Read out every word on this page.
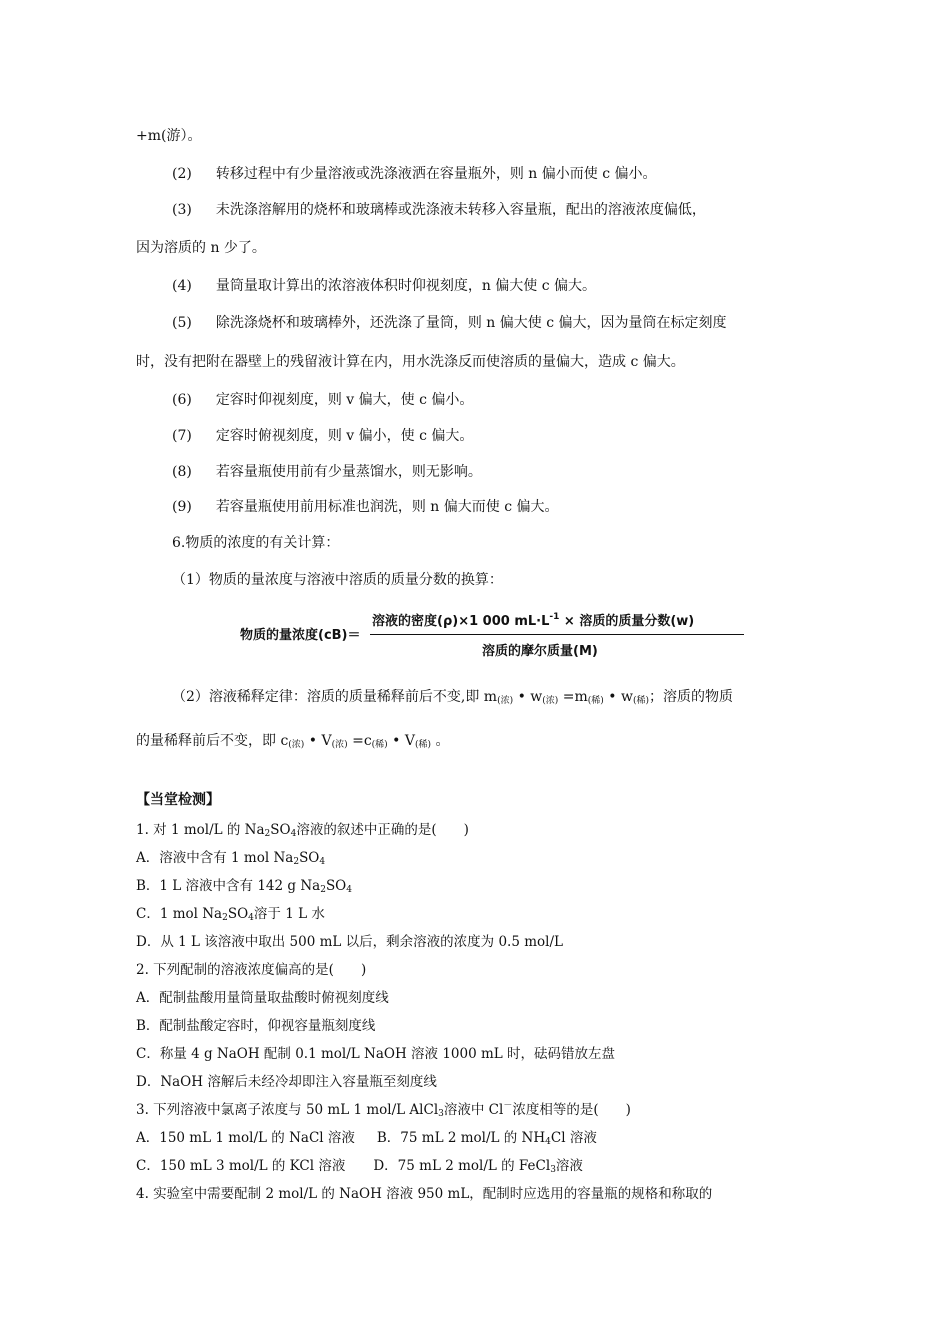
+m(游）。
(2) 转移过程中有少量溶液或洗涤液洒在容量瓶外，则 n 偏小而使 c 偏小。
(3) 未洗涤溶解用的烧杯和玻璃棒或洗涤液未转移入容量瓶，配出的溶液浓度偏低，
因为溶质的 n 少了。
(4) 量筒量取计算出的浓溶液体积时仰视刻度，n 偏大使 c 偏大。
(5) 除洗涤烧杯和玻璃棒外，还洗涤了量筒，则 n 偏大使 c 偏大，因为量筒在标定刻度
时，没有把附在器壁上的残留液计算在内，用水洗涤反而使溶质的量偏大，造成 c 偏大。
(6) 定容时仰视刻度，则 v 偏大，使 c 偏小。
(7) 定容时俯视刻度，则 v 偏小，使 c 偏大。
(8) 若容量瓶使用前有少量蒸馏水，则无影响。
(9) 若容量瓶使用前用标准也润洗，则 n 偏大而使 c 偏大。
6.物质的浓度的有关计算：
（1）物质的量浓度与溶液中溶质的质量分数的换算：
物质的量浓度(cB)＝
溶液的密度(ρ)×1 000 $mL\cdot L^{-1}$ × 溶质的质量分数(w)
溶质的摩尔质量(M)
（2）溶液稀释定律：溶质的质量稀释前后不变,即 $m_{(浓)}$ • $w_{(浓)} =m_{(稀)}$ • $w_{(稀)}$；溶质的物质
的量稀释前后不变，即 $c_{(浓)}$ • $V_{(浓)} =c_{(稀)}$ • $V_{(稀)}$ 。
【当堂检测】
1. 对 1 mol/L 的 $Na_2SO_4$溶液的叙述中正确的是(　　)
A．溶液中含有 1 mol $Na_2SO_4$
B．1 L 溶液中含有 142 g $Na_2SO_4$
C．1 mol $Na_2SO_4$溶于 1 L 水
D．从 1 L 该溶液中取出 500 mL 以后，剩余溶液的浓度为 0.5 mol/L
2. 下列配制的溶液浓度偏高的是(　　)
A．配制盐酸用量筒量取盐酸时俯视刻度线
B．配制盐酸定容时，仰视容量瓶刻度线
C．称量 4 g NaOH 配制 0.1 mol/L NaOH 溶液 1000 mL 时，砝码错放左盘
D．NaOH 溶解后未经冷却即注入容量瓶至刻度线
3. 下列溶液中氯离子浓度与 50 mL 1 mol/L AlCl$_3$溶液中 Cl－浓度相等的是(　　)
A．150 mL 1 mol/L 的 NaCl 溶液 B．75 mL 2 mol/L 的 $NH_4Cl$ 溶液
C．150 mL 3 mol/L 的 KCl 溶液 D．75 mL 2 mol/L 的 FeCl$_3$溶液
4. 实验室中需要配制 2 mol/L 的 NaOH 溶液 950 mL，配制时应选用的容量瓶的规格和称取的
